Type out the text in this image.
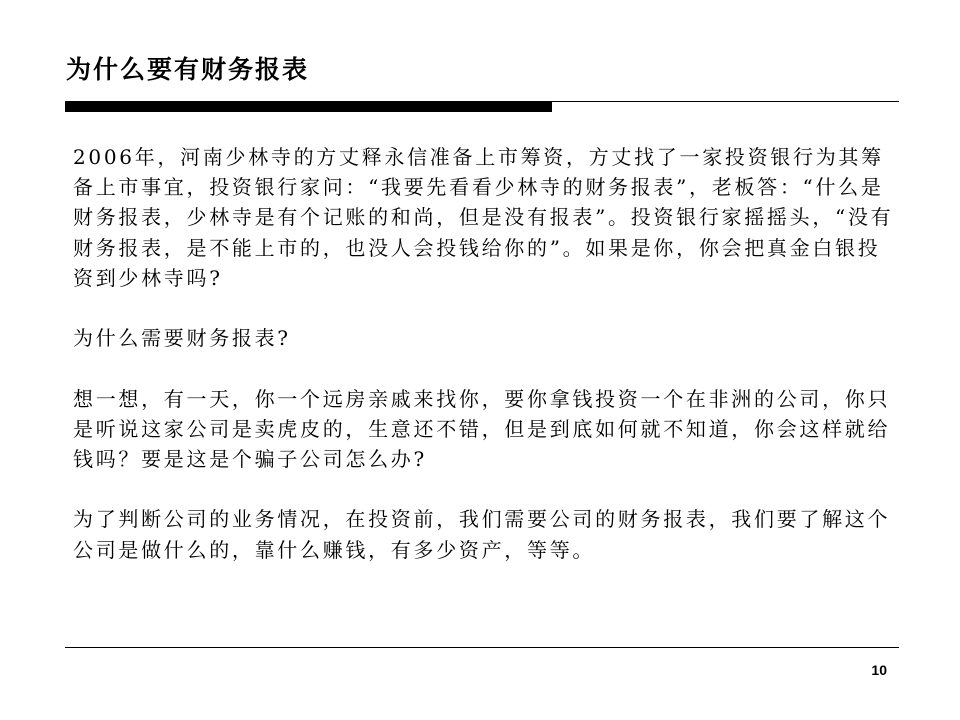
为什么要有财务报表

2006年，河南少林寺的方丈释永信准备上市筹资，方丈找了一家投资银行为其筹备上市事宜，投资银行家问：“我要先看看少林寺的财务报表”，老板答：“什么是财务报表，少林寺是有个记账的和尚，但是没有报表”。投资银行家摇摇头，“没有财务报表，是不能上市的，也没人会投钱给你的”。如果是你，你会把真金白银投资到少林寺吗?

为什么需要财务报表?

想一想，有一天，你一个远房亲戚来找你，要你拿钱投资一个在非洲的公司，你只是听说这家公司是卖虎皮的，生意还不错，但是到底如何就不知道，你会这样就给钱吗？要是这是个骗子公司怎么办?

为了判断公司的业务情况，在投资前，我们需要公司的财务报表，我们要了解这个公司是做什么的，靠什么赚钱，有多少资产，等等。

10
